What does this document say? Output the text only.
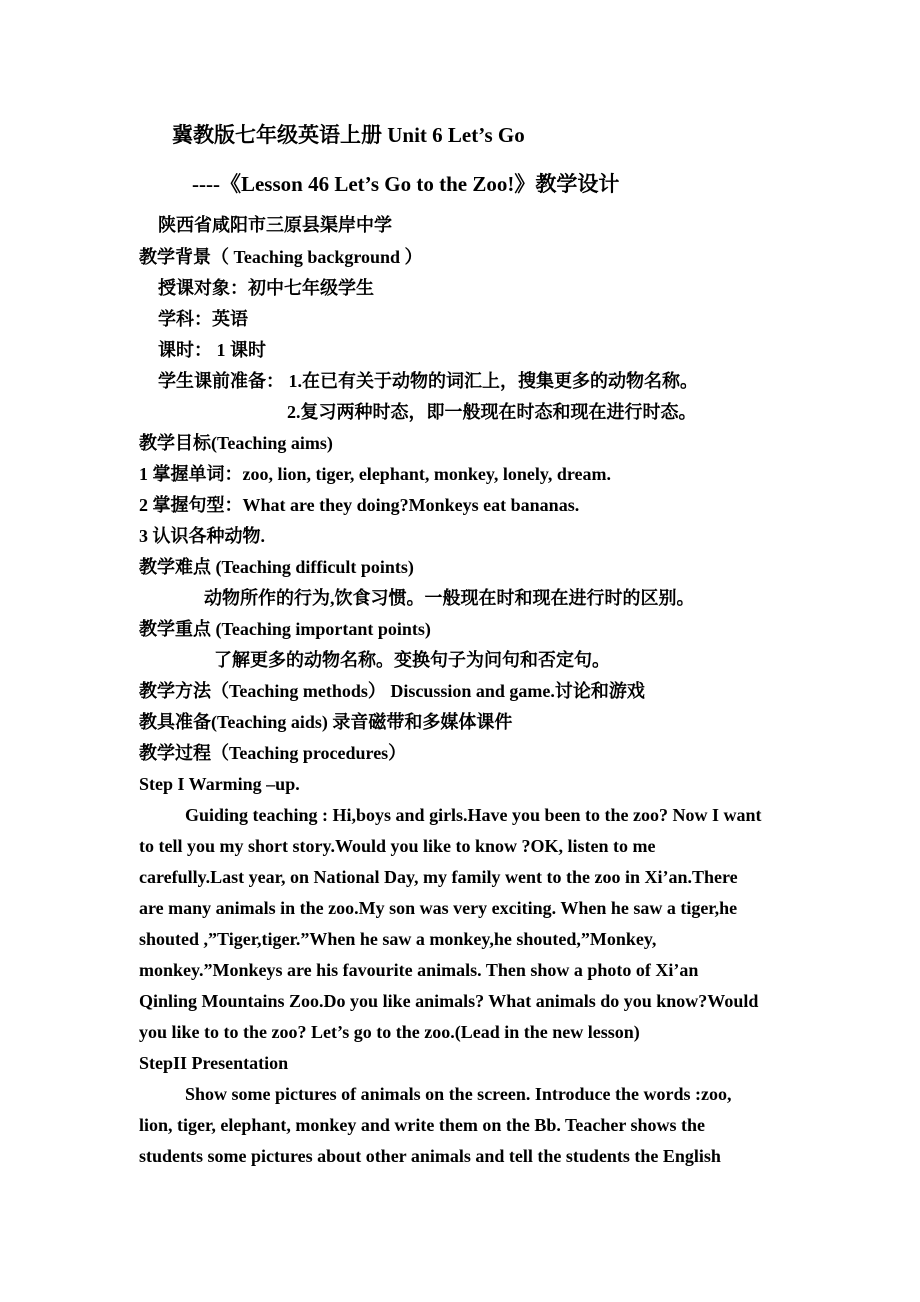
冀教版七年级英语上册 Unit 6 Let’s Go
----《Lesson 46 Let’s Go to the Zoo!》教学设计
陕西省咸阳市三原县渠岸中学
教学背景（ Teaching background ）
授课对象：初中七年级学生
学科：英语
课时： 1 课时
学生课前准备： 1.在已有关于动物的词汇上，搜集更多的动物名称。
2.复习两种时态，即一般现在时态和现在进行时态。
教学目标(Teaching aims)
1 掌握单词：zoo, lion, tiger, elephant, monkey, lonely, dream.
2 掌握句型：What are they doing?Monkeys eat bananas.
3 认识各种动物.
教学难点 (Teaching difficult points)
动物所作的行为,饮食习惯。一般现在时和现在进行时的区别。
教学重点 (Teaching important points)
了解更多的动物名称。变换句子为问句和否定句。
教学方法（Teaching methods） Discussion and game.讨论和游戏
教具准备(Teaching aids) 录音磁带和多媒体课件
教学过程（Teaching procedures）
Step I Warming –up.
Guiding teaching : Hi,boys and girls.Have you been to the zoo? Now I want
to tell you my short story.Would you like to know ?OK, listen to me
carefully.Last year, on National Day, my family went to the zoo in Xi’an.There
are many animals in the zoo.My son was very exciting. When he saw a tiger,he
shouted ,”Tiger,tiger.”When he saw a monkey,he shouted,”Monkey,
monkey.”Monkeys are his favourite animals. Then show a photo of Xi’an
Qinling Mountains Zoo.Do you like animals? What animals do you know?Would
you like to to the zoo? Let’s go to the zoo.(Lead in the new lesson)
StepII Presentation
Show some pictures of animals on the screen. Introduce the words :zoo,
lion, tiger, elephant, monkey and write them on the Bb. Teacher shows the
students some pictures about other animals and tell the students the English
